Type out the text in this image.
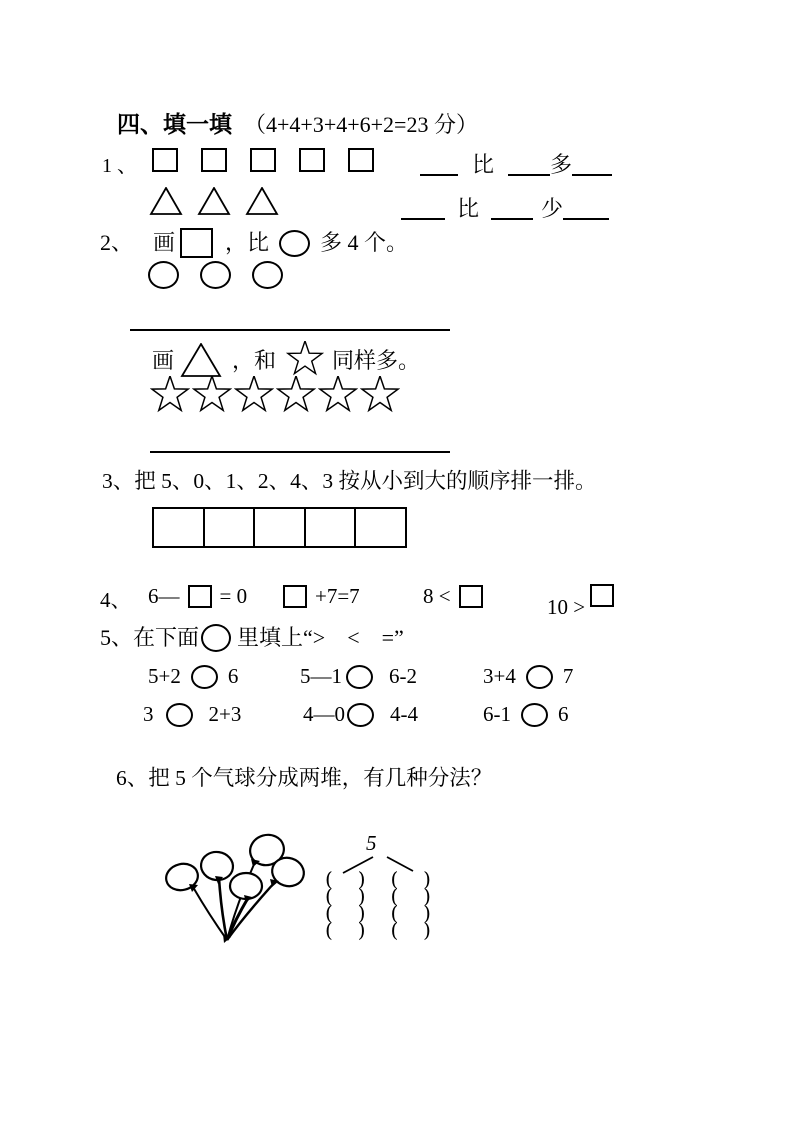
四、填一填 （4+4+3+4+6+2=23 分）
1 、	比	多
比	少
2、 画 ，比 多 4 个。
画	，和	同样多。
3、把 5、0、1、2、4、3 按从小到大的顺序排一排。
4、 6— = 0	+7=7	8 <	10 >
5、在下面 里填上“>　<　=”
5+2 6	5—1 6-2	3+4 7
3	2+3	4—0 4-4	6-1 6
6、把 5 个气球分成两堆，有几种分法？
5
( ) ( )
( ) ( )
( ) ( )
( ) ( )
